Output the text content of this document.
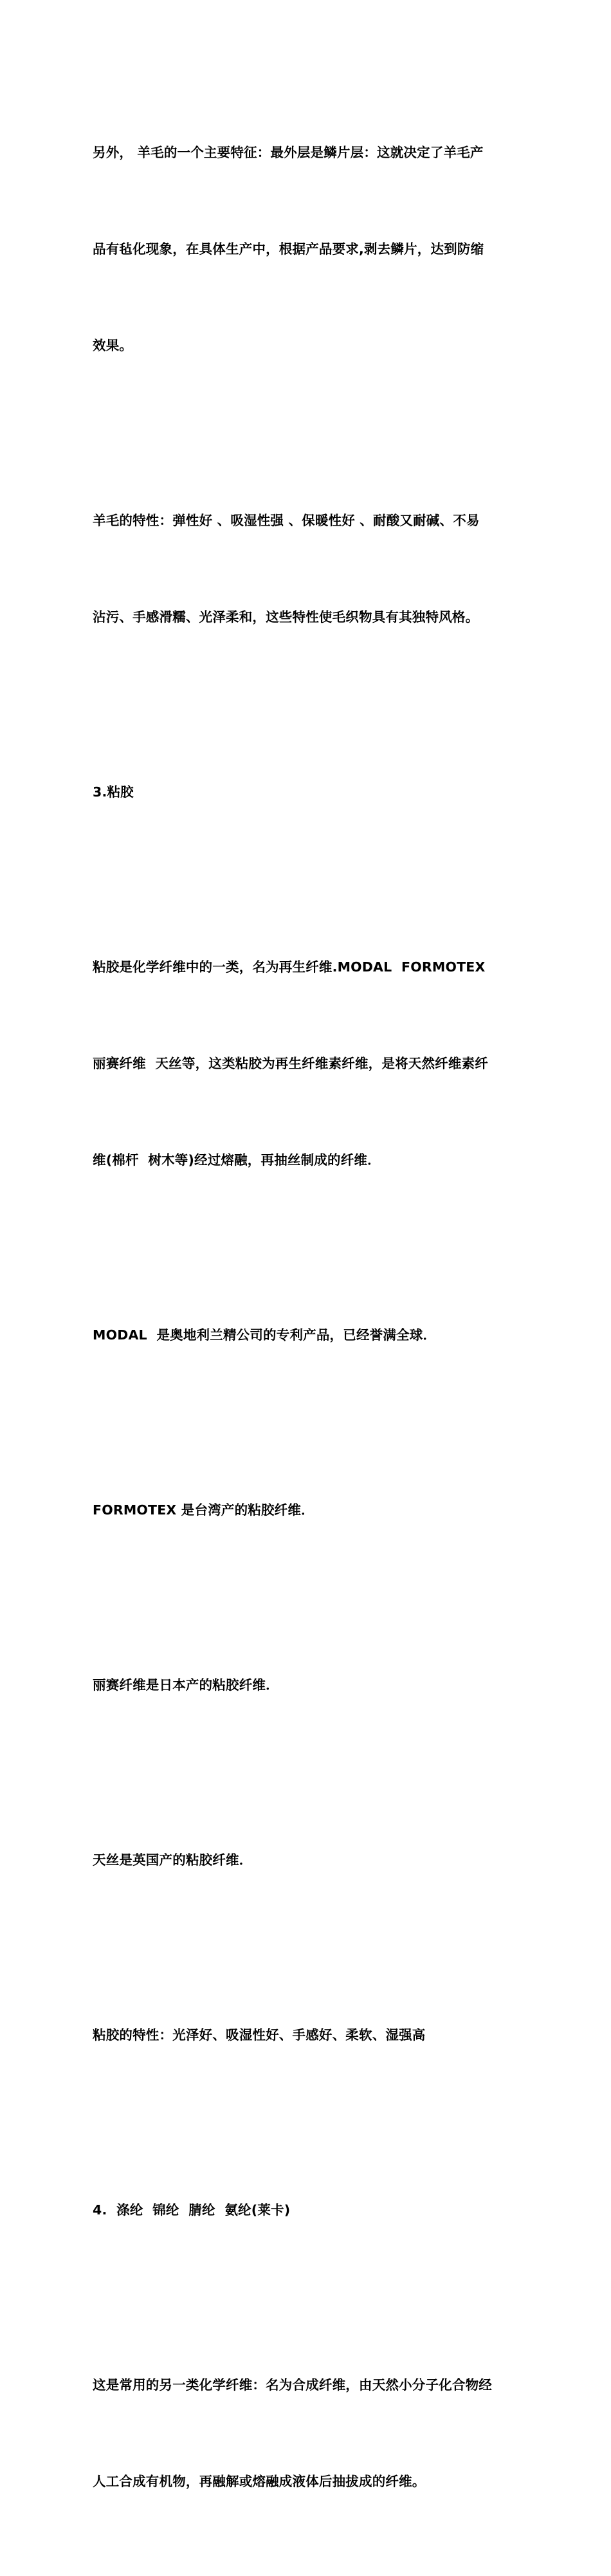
另外， 羊毛的一个主要特征：最外层是鳞片层：这就决定了羊毛产

品有毡化现象，在具体生产中，根据产品要求,剥去鳞片，达到防缩

效果。

羊毛的特性：弹性好 、吸湿性强 、保暖性好 、耐酸又耐碱、不易

沾污、手感滑糯、光泽柔和，这些特性使毛织物具有其独特风格。

3.粘胶

粘胶是化学纤维中的一类，名为再生纤维.MODAL  FORMOTEX

丽赛纤维  天丝等，这类粘胶为再生纤维素纤维，是将天然纤维素纤

维(棉杆  树木等)经过熔融，再抽丝制成的纤维．

MODAL  是奥地利兰精公司的专利产品，已经誉满全球．

FORMOTEX 是台湾产的粘胶纤维．

丽赛纤维是日本产的粘胶纤维．

天丝是英国产的粘胶纤维．

粘胶的特性：光泽好、吸湿性好、手感好、柔软、湿强高

4.  涤纶  锦纶  腈纶  氨纶(莱卡)

这是常用的另一类化学纤维：名为合成纤维，由天然小分子化合物经

人工合成有机物，再融解或熔融成液体后抽拔成的纤维。
